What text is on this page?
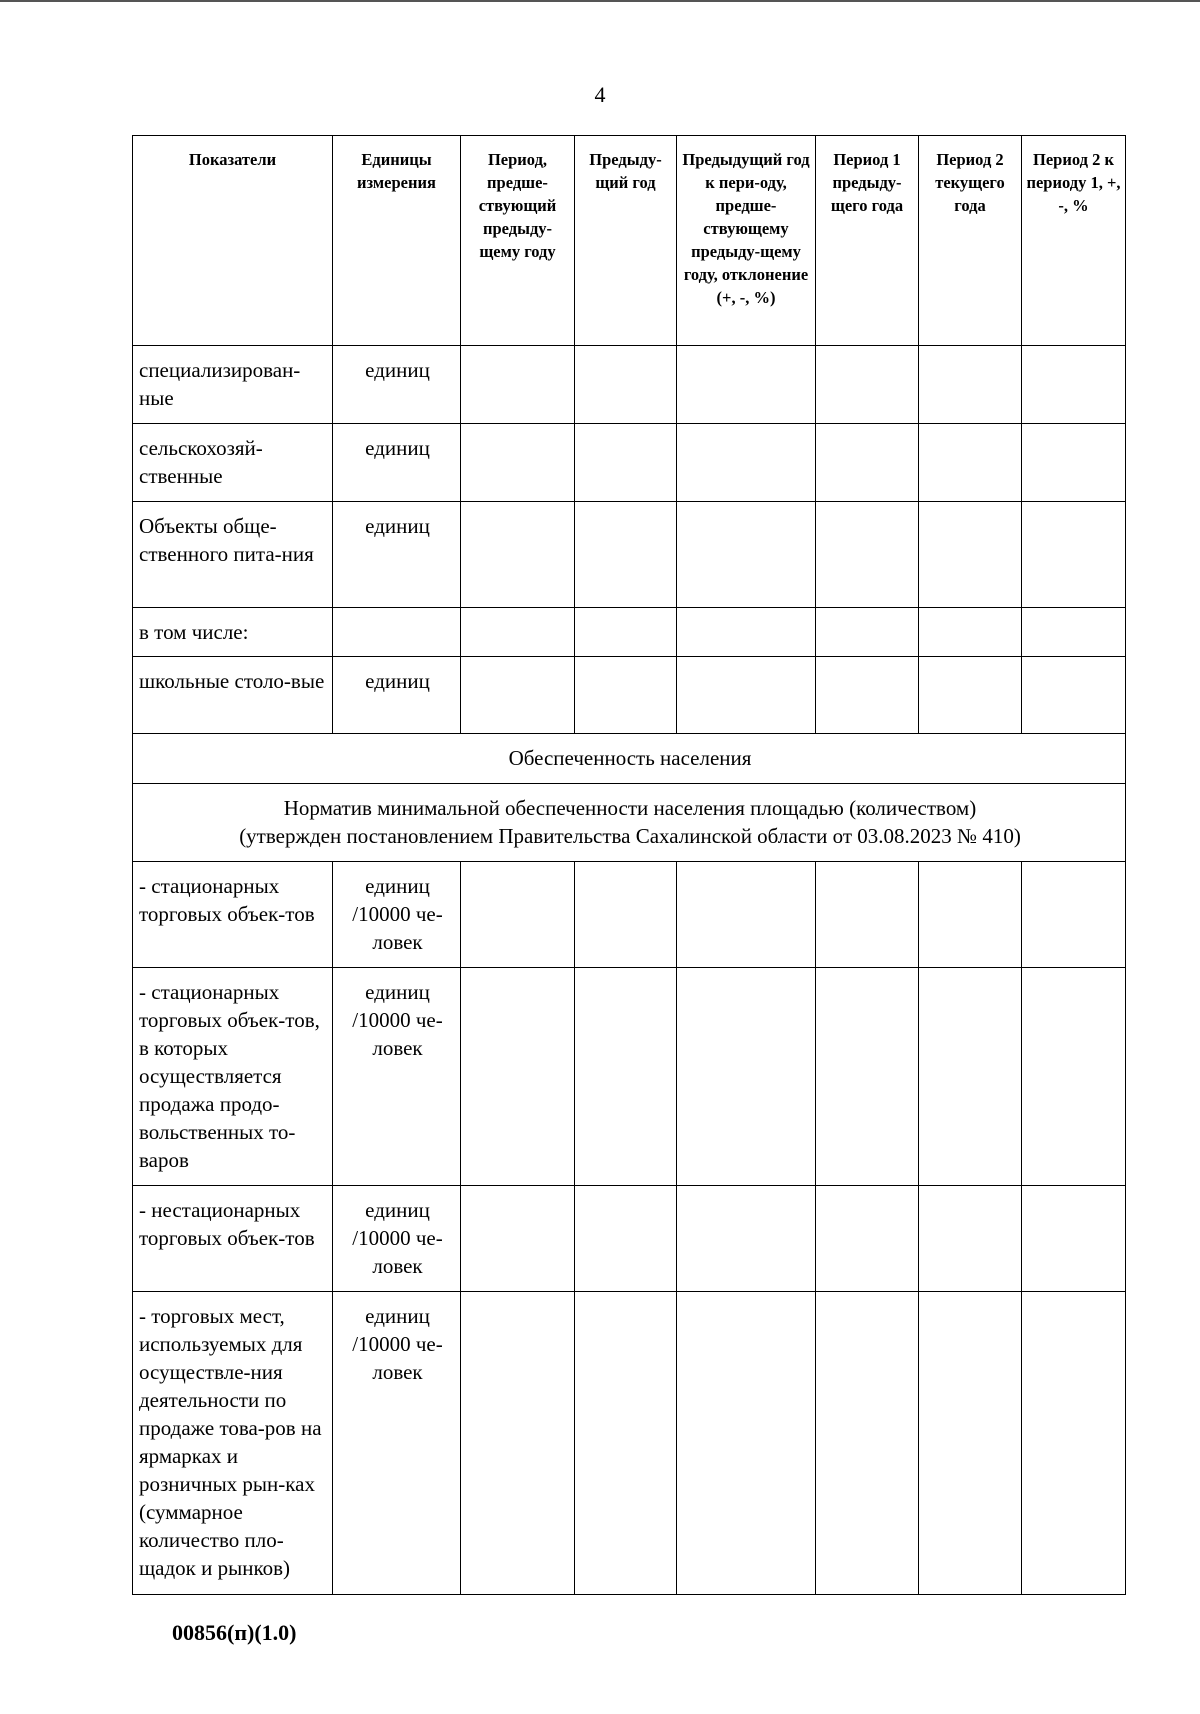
4
Показатели	Единицы измерения	Период, предше-ствующий предыду-щему году	Предыду-щий год	Предыдущий год к пери-оду, предше-ствующему предыду-щему году, отклонение (+, -, %)	Период 1 предыду-щего года	Период 2 текущего года	Период 2 к периоду 1, +, -, %
специализирован-ные	единиц						
сельскохозяй-ственные	единиц						
Объекты обще-ственного пита-ния	единиц						
в том числе:							
школьные столо-вые	единиц						
Обеспеченность населения							
Норматив минимальной обеспеченности населения площадью (количеством)
(утвержден постановлением Правительства Сахалинской области от 03.08.2023 № 410)							
- стационарных торговых объек-тов	единиц /10000 че-ловек						
- стационарных торговых объек-тов, в которых осуществляется продажа продо-вольственных то-варов	единиц /10000 че-ловек						
- нестационарных торговых объек-тов	единиц /10000 че-ловек						
- торговых мест, используемых для осуществле-ния деятельности по продаже това-ров на ярмарках и розничных рын-ках (суммарное количество пло-щадок и рынков)	единиц /10000 че-ловек						
00856(п)(1.0)
